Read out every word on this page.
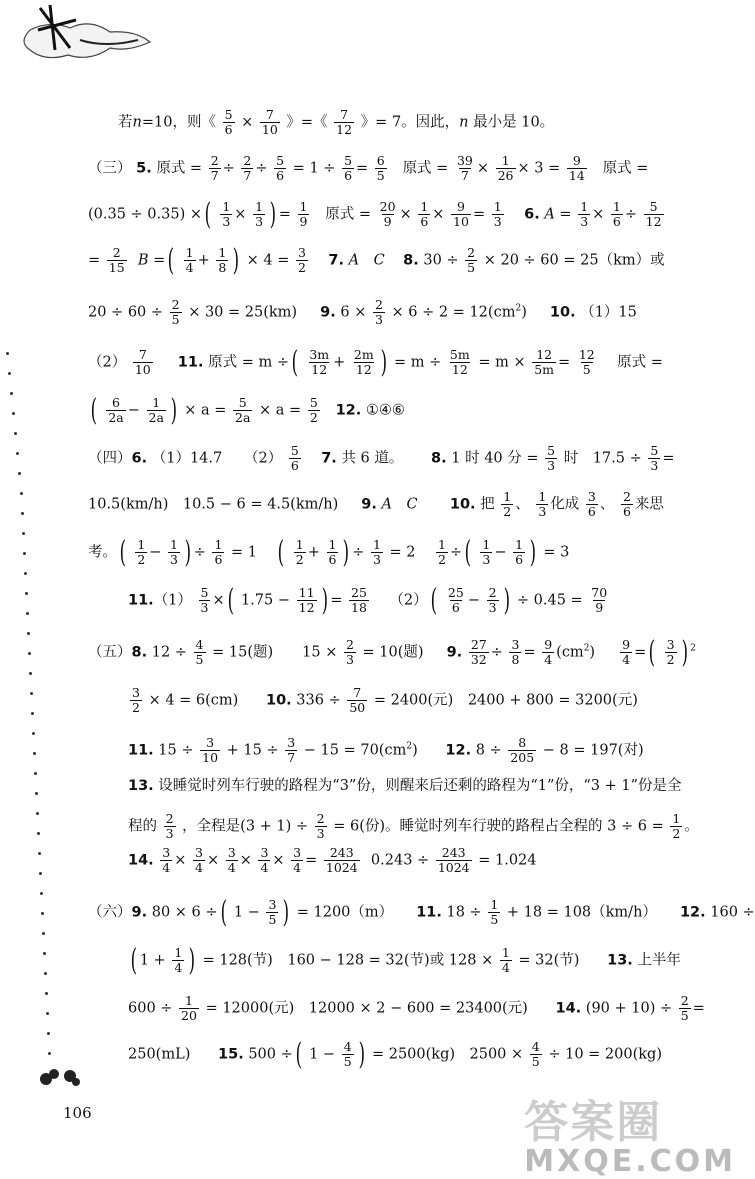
若n=10，则《 $\frac{5}{6} \times \frac{7}{10}$ 》=《 $\frac{7}{12}$ 》= 7。因此，n 最小是 10。
（三） 5. 原式 = $\frac{2}{7} \div \frac{2}{7} \div \frac{5}{6} = 1 \div \frac{5}{6} = \frac{6}{5}$ 原式 = $\frac{39}{7} \times \frac{1}{26} \times 3 = \frac{9}{14}$ 原式 =
(0.35 ÷ 0.35) ×( $\frac{1}{3} \times \frac{1}{3}$ ) = $\frac{1}{9}$ 原式 = $\frac{20}{9} \times \frac{1}{6} \times \frac{9}{10} = \frac{1}{3} 6$. $A = \frac{1}{3} \times \frac{1}{6} \div \frac{5}{12}$
= $\frac{2}{15}$ B =( $\frac{1}{4} + \frac{1}{8}$ ) × $4 = \frac{3}{2} 7$. A　C 8. $30 \div \frac{2}{5} \times 20 \div 60 = 25(km)$或
$20 \div 60 \div \frac{2}{5} \times 30 = 25(km)$ 9. $6 \times \frac{2}{3} \times 6 \div 2 = 12(cm^2)$ 10. （1）15
$(2) \frac{7}{10} 11$. 原式 = m ÷( $\frac{3m}{12} + \frac{2m}{12}$ ) = $m \div \frac{5m}{12} = m \times \frac{12}{5m} = \frac{12}{5}$ 原式 =
( $\frac{6}{2a} - \frac{1}{2a}$ ) × $a = \frac{5}{2a} \times a = \frac{5}{2} 12$. ①④⑥
（四）6. （1）14.7　　$(2) \frac{5}{6} 7$. 共 6 道。 8. 1 时 40 分 = $\frac{5}{3}$ 时　$17.5 \div \frac{5}{3}$ =
10.5(km/h)　10.5 − 6 = 4.5(km/h) 9. A　C 10. 把 $\frac{1}{2}$ 、 $\frac{1}{3}$ 化成 $\frac{3}{6}$ 、 $\frac{2}{6}$ 来思
考。( $\frac{1}{2} - \frac{1}{3}$ ) ÷ $\frac{1}{6} = 1$ ( $\frac{1}{2} + \frac{1}{6}$ ) ÷ $\frac{1}{3} = 2 \frac{1}{2}$ ÷( $\frac{1}{3} - \frac{1}{6}$ ) = 3
$11.(1) \frac{5}{3}$ ×( $1.75 - \frac{11}{12}$ ) = $\frac{25}{18} (2)( \frac{25}{6} - \frac{2}{3}$ ) ÷ $0.45 = \frac{70}{9}$
（五）8. $12 \div \frac{4}{5} = 15$(题)　　$15 \times \frac{2}{3} = 10$(题) 9. $\frac{27}{32} \div \frac{3}{8} = \frac{9}{4} (cm^2) \frac{9}{4}$ =( $\frac{3}{2}$ ) $^2$
$\frac{3}{2} \times 4 = 6(cm)$ 10. $336 \div \frac{7}{50} = 2400$(元)　2400 + 800 = 3200(元)
11. $15 \div \frac{3}{10} + 15 \div \frac{3}{7} - 15 = 70(cm^2)$ 12. $8 \div \frac{8}{205} - 8 = 197$(对)
13. 设睡觉时列车行驶的路程为“3”份，则醒来后还剩的路程为“1”份，“3 + 1”份是全
程的 $\frac{2}{3}$ ，全程是$(3 + 1) \div \frac{2}{3} = 6$(份)。睡觉时列车行驶的路程占全程的 $3 \div 6 = \frac{1}{2}$ 。
14. $\frac{3}{4} \times \frac{3}{4} \times \frac{3}{4} \times \frac{3}{4} \times \frac{3}{4} = \frac{243}{1024} 0.243 \div \frac{243}{1024} = 1.024$
（六）9. 80 × 6 ÷( $1 - \frac{3}{5}$ ) = 1200（m） 11. $18 \div \frac{1}{5} + 18 = 108(km/h)$ 12. 160 ÷
( $1 + \frac{1}{4}$ ) = 128(节)　160 − 128 = 32(节)或 $128 \times \frac{1}{4} = 32$(节) 13. 上半年
$600 \div \frac{1}{20} = 12000$(元)　12000 × 2 − 600 = 23400(元) 14. $(90 + 10) \div \frac{2}{5}$ =
250(mL) 15. 500 ÷( $1 - \frac{4}{5}$ ) = 2500(kg)　$2500 \times \frac{4}{5} \div 10 = 200(kg)$
106	答案圈
MXQE.COM
